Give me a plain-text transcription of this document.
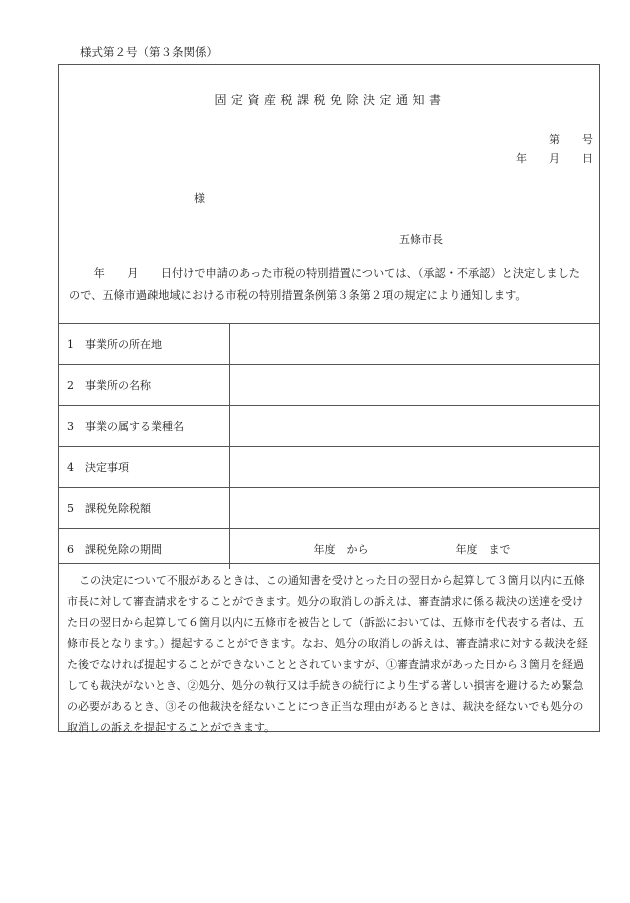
様式第２号（第３条関係）
固定資産税課税免除決定通知書
第　　号
年　　月　　日
様
五條市長
年　　月　　日付けで申請のあった市税の特別措置については、（承認・不承認）と決定しましたので、五條市過疎地域における市税の特別措置条例第３条第２項の規定により通知します。
1　事業所の所在地	
2　事業所の名称	
3　事業の属する業種名	
4　決定事項	
5　課税免除税額	
6　課税免除の期間	年度　から 年度　まで
この決定について不服があるときは、この通知書を受けとった日の翌日から起算して３箇月以内に五條市長に対して審査請求をすることができます。処分の取消しの訴えは、審査請求に係る裁決の送達を受けた日の翌日から起算して６箇月以内に五條市を被告として（訴訟においては、五條市を代表する者は、五條市長となります。）提起することができます。なお、処分の取消しの訴えは、審査請求に対する裁決を経た後でなければ提起することができないこととされていますが、①審査請求があった日から３箇月を経過しても裁決がないとき、②処分、処分の執行又は手続きの続行により生ずる著しい損害を避けるため緊急の必要があるとき、③その他裁決を経ないことにつき正当な理由があるときは、裁決を経ないでも処分の取消しの訴えを提起することができます。
